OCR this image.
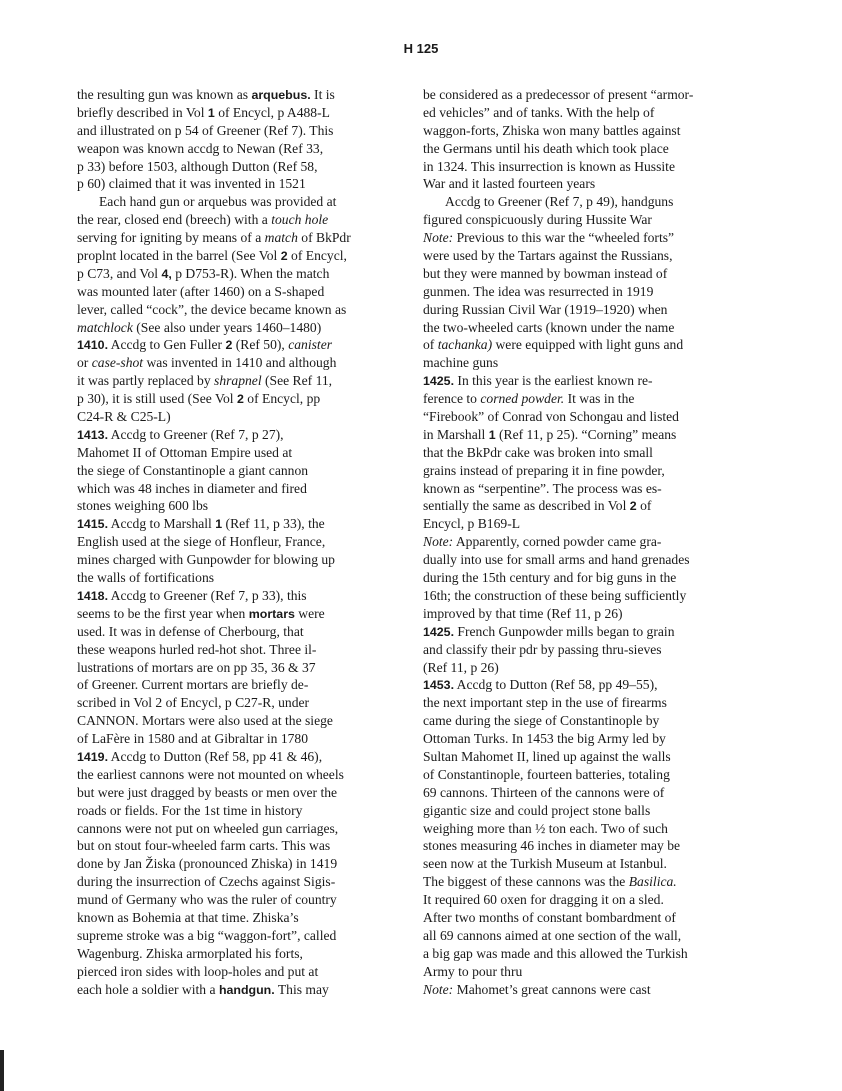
H 125
the resulting gun was known as arquebus. It is
briefly described in Vol 1 of Encycl, p A488-L
and illustrated on p 54 of Greener (Ref 7). This
weapon was known accdg to Newan (Ref 33,
p 33) before 1503, although Dutton (Ref 58,
p 60) claimed that it was invented in 1521
Each hand gun or arquebus was provided at
the rear, closed end (breech) with a touch hole
serving for igniting by means of a match of BkPdr
proplnt located in the barrel (See Vol 2 of Encycl,
p C73, and Vol 4, p D753-R). When the match
was mounted later (after 1460) on a S-shaped
lever, called “cock”, the device became known as
matchlock (See also under years 1460–1480)
1410. Accdg to Gen Fuller 2 (Ref 50), canister
or case-shot was invented in 1410 and although
it was partly replaced by shrapnel (See Ref 11,
p 30), it is still used (See Vol 2 of Encycl, pp
C24-R & C25-L)
1413. Accdg to Greener (Ref 7, p 27),
Mahomet II of Ottoman Empire used at
the siege of Constantinople a giant cannon
which was 48 inches in diameter and fired
stones weighing 600 lbs
1415. Accdg to Marshall 1 (Ref 11, p 33), the
English used at the siege of Honfleur, France,
mines charged with Gunpowder for blowing up
the walls of fortifications
1418. Accdg to Greener (Ref 7, p 33), this
seems to be the first year when mortars were
used. It was in defense of Cherbourg, that
these weapons hurled red-hot shot. Three il-
lustrations of mortars are on pp 35, 36 & 37
of Greener. Current mortars are briefly de-
scribed in Vol 2 of Encycl, p C27-R, under
CANNON. Mortars were also used at the siege
of LaFère in 1580 and at Gibraltar in 1780
1419. Accdg to Dutton (Ref 58, pp 41 & 46),
the earliest cannons were not mounted on wheels
but were just dragged by beasts or men over the
roads or fields. For the 1st time in history
cannons were not put on wheeled gun carriages,
but on stout four-wheeled farm carts. This was
done by Jan Žiska (pronounced Zhiska) in 1419
during the insurrection of Czechs against Sigis-
mund of Germany who was the ruler of country
known as Bohemia at that time. Zhiska’s
supreme stroke was a big “waggon-fort”, called
Wagenburg. Zhiska armorplated his forts,
pierced iron sides with loop-holes and put at
each hole a soldier with a handgun. This may
be considered as a predecessor of present “armor-
ed vehicles” and of tanks. With the help of
waggon-forts, Zhiska won many battles against
the Germans until his death which took place
in 1324. This insurrection is known as Hussite
War and it lasted fourteen years
Accdg to Greener (Ref 7, p 49), handguns
figured conspicuously during Hussite War
Note: Previous to this war the “wheeled forts”
were used by the Tartars against the Russians,
but they were manned by bowman instead of
gunmen. The idea was resurrected in 1919
during Russian Civil War (1919–1920) when
the two-wheeled carts (known under the name
of tachanka) were equipped with light guns and
machine guns
1425. In this year is the earliest known re-
ference to corned powder. It was in the
“Firebook” of Conrad von Schongau and listed
in Marshall 1 (Ref 11, p 25). “Corning” means
that the BkPdr cake was broken into small
grains instead of preparing it in fine powder,
known as “serpentine”. The process was es-
sentially the same as described in Vol 2 of
Encycl, p B169-L
Note: Apparently, corned powder came gra-
dually into use for small arms and hand grenades
during the 15th century and for big guns in the
16th; the construction of these being sufficiently
improved by that time (Ref 11, p 26)
1425. French Gunpowder mills began to grain
and classify their pdr by passing thru-sieves
(Ref 11, p 26)
1453. Accdg to Dutton (Ref 58, pp 49–55),
the next important step in the use of firearms
came during the siege of Constantinople by
Ottoman Turks. In 1453 the big Army led by
Sultan Mahomet II, lined up against the walls
of Constantinople, fourteen batteries, totaling
69 cannons. Thirteen of the cannons were of
gigantic size and could project stone balls
weighing more than ½ ton each. Two of such
stones measuring 46 inches in diameter may be
seen now at the Turkish Museum at Istanbul.
The biggest of these cannons was the Basilica.
It required 60 oxen for dragging it on a sled.
After two months of constant bombardment of
all 69 cannons aimed at one section of the wall,
a big gap was made and this allowed the Turkish
Army to pour thru
Note: Mahomet’s great cannons were cast
